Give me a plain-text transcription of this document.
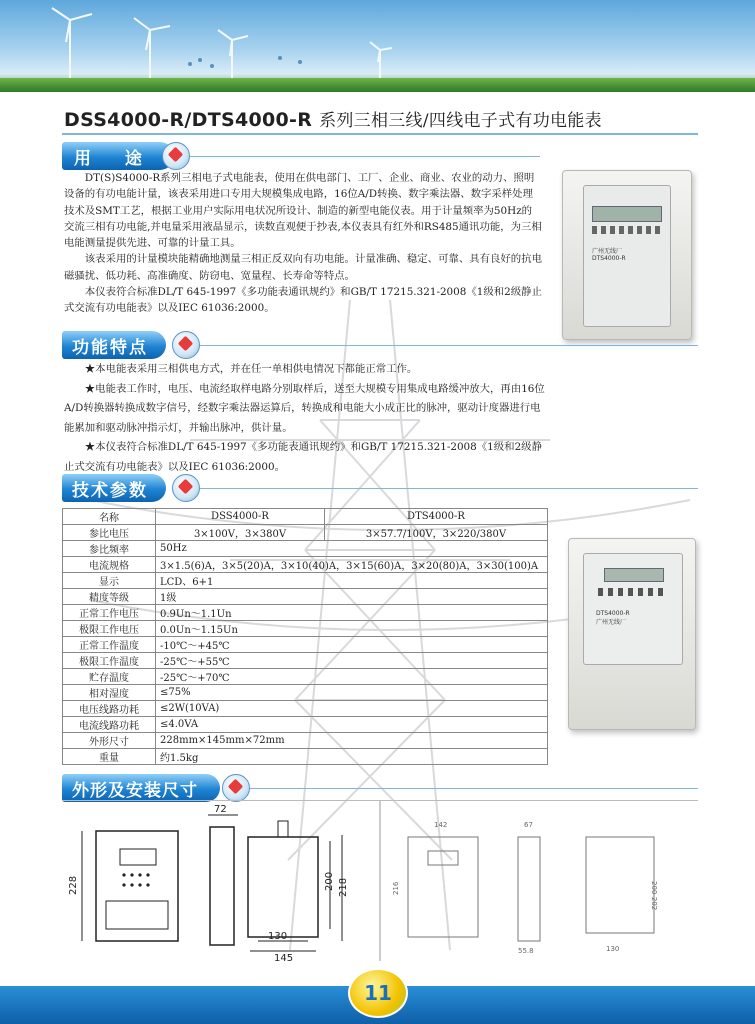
DSS4000-R/DTS4000-R 系列三相三线/四线电子式有功电能表
用 途

DT(S)S4000-R系列三相电子式电能表，使用在供电部门、工厂、企业、商业、农业的动力、照明设备的有功电能计量，该表采用进口专用大规模集成电路，16位A/D转换、数字乘法器、数字采样处理技术及SMT工艺，根据工业用户实际用电状况所设计、制造的新型电能仪表。用于计量频率为50Hz的交流三相有功电能,并电量采用液晶显示，读数直观便于抄表,本仪表具有红外和RS485通讯功能，为三相电能测量提供先进、可靠的计量工具。

该表采用的计量模块能精确地测量三相正反双向有功电能。计量准确、稳定、可靠、具有良好的抗电磁骚扰、低功耗、高准确度、防窃电、宽量程、长寿命等特点。

本仪表符合标准DL/T 645-1997《多功能表通讯规约》和GB/T 17215.321-2008《1级和2级静止式交流有功电能表》以及IEC 61036:2000。

广州无线厂
DTS4000-R
功能特点

★本电能表采用三相供电方式，并在任一单相供电情况下都能正常工作。

★电能表工作时，电压、电流经取样电路分别取样后，送至大规模专用集成电路缓冲放大，再由16位A/D转换器转换成数字信号，经数字乘法器运算后，转换成和电能大小成正比的脉冲，驱动计度器进行电能累加和驱动脉冲指示灯，并输出脉冲，供计量。

★本仪表符合标准DL/T 645-1997《多功能表通讯规约》和GB/T 17215.321-2008《1级和2级静止式交流有功电能表》以及IEC 61036:2000。

技术参数
名称	DSS4000-R	DTS4000-R
参比电压	3×100V，3×380V	3×57.7/100V，3×220/380V
参比频率	50Hz	
电流规格	3×1.5(6)A，3×5(20)A，3×10(40)A，3×15(60)A，3×20(80)A，3×30(100)A	
显示	LCD、6+1	
精度等级	1级	
正常工作电压	0.9Un～1.1Un	
极限工作电压	0.0Un～1.15Un	
正常工作温度	-10℃～+45℃	
极限工作温度	-25℃～+55℃	
贮存温度	-25℃～+70℃	
相对湿度	≤75%	
电压线路功耗	≤2W(10VA)	
电流线路功耗	≤4.0VA	
外形尺寸	228mm×145mm×72mm	
重量	约1.5kg	
DTS4000-R
广州无线厂
外形及安装尺寸
228
72
200 218
130
145
142
216
67
55.8	130
200-202
11
